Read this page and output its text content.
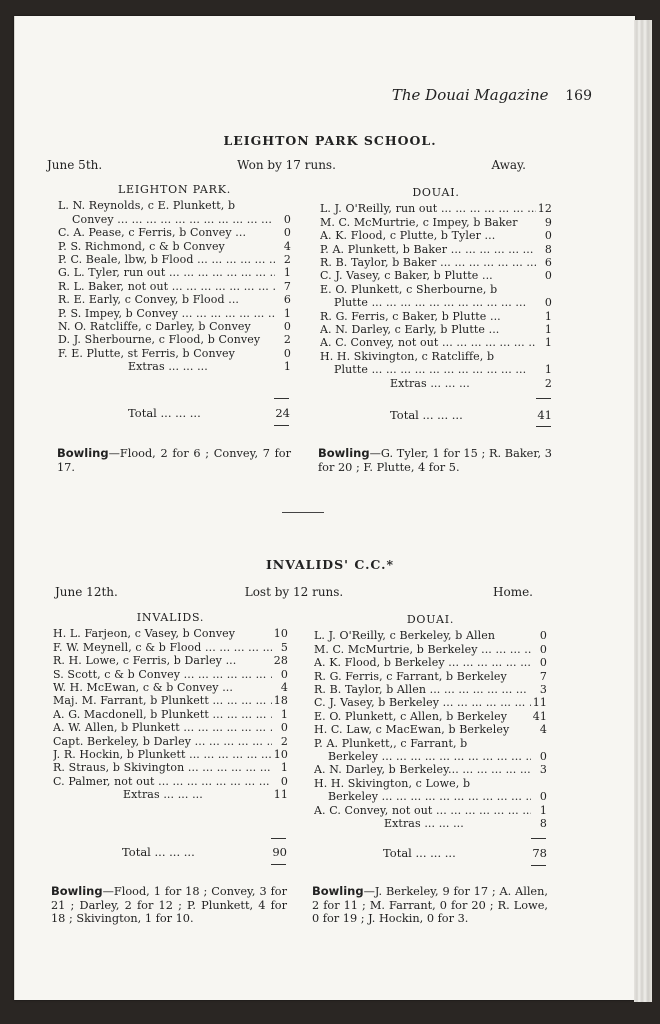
The Douai Magazine 169
LEIGHTON PARK SCHOOL.
June 5th.	Won by 17 runs.	Away.
LEIGHTON PARK.
L. N. Reynolds, c E. Plunkett, b
Convey ... ... .	0
C. A. Pease, c Ferris, b Convey ...	0
P. S. Richmond, c & b Convey	4
P. C. Beale, lbw, b Flood ... .	2
G. L. Tyler, run out ... .	1
R. L. Baker, not out ... .	7
R. E. Early, c Convey, b Flood ...	6
P. S. Impey, b Convey ... .	1
N. O. Ratcliffe, c Darley, b Convey	0
D. J. Sherbourne, c Flood, b Convey	2
F. E. Plutte, st Ferris, b Convey	0
Extras ...	1
DOUAI.
L. J. O'Reilly, run out ... .	12
M. C. McMurtrie, c Impey, b Baker	9
A. K. Flood, c Plutte, b Tyler ...	0
P. A. Plunkett, b Baker ... .	8
R. B. Taylor, b Baker ... .	6
C. J. Vasey, c Baker, b Plutte ...	0
E. O. Plunkett, c Sherbourne, b
Plutte ... .	0
R. G. Ferris, c Baker, b Plutte ...	1
A. N. Darley, c Early, b Plutte ...	1
A. C. Convey, not out ... .	1
H. H. Skivington, c Ratcliffe, b
Plutte ... .	1
Extras ...	2
Total ... ... ...	24	Total ... ... ...	41
Bowling—Flood, 2 for 6 ; Convey, 7 for 17.
Bowling—G. Tyler, 1 for 15 ; R. Baker, 3 for 20 ; F. Plutte, 4 for 5.
INVALIDS' C.C.*
June 12th.	Lost by 12 runs.	Home.
INVALIDS.
H. L. Farjeon, c Vasey, b Convey	10
F. W. Meynell, c & b Flood ... .	5
R. H. Lowe, c Ferris, b Darley ...	28
S. Scott, c & b Convey ... .	0
W. H. McEwan, c & b Convey ...	4
Maj. M. Farrant, b Plunkett ... .	18
A. G. Macdonell, b Plunkett ... .	1
A. W. Allen, b Plunkett ... .	0
Capt. Berkeley, b Darley ... .	2
J. R. Hockin, b Plunkett ... .	10
R. Straus, b Skivington ... .	1
C. Palmer, not out ... .	0
Extras ...	11
DOUAI.
L. J. O'Reilly, c Berkeley, b Allen	0
M. C. McMurtrie, b Berkeley ... .	0
A. K. Flood, b Berkeley ... .	0
R. G. Ferris, c Farrant, b Berkeley	7
R. B. Taylor, b Allen ... .	3
C. J. Vasey, b Berkeley ... .	11
E. O. Plunkett, c Allen, b Berkeley	41
H. C. Law, c MacEwan, b Berkeley	4
P. A. Plunkett,, c Farrant, b
Berkeley ... .	0
A. N. Darley, b Berkeley... ... .	3
H. H. Skivington, c Lowe, b
Berkeley ... .	0
A. C. Convey, not out ... .	1
Extras ...	8
Total ... ... ...	90	Total ... ... ...	78
Bowling—Flood, 1 for 18 ; Convey, 3 for 21 ; Darley, 2 for 12 ; P. Plunkett, 4 for 18 ; Skivington, 1 for 10.
Bowling—J. Berkeley, 9 for 17 ; A. Allen, 2 for 11 ; M. Farrant, 0 for 20 ; R. Lowe, 0 for 19 ; J. Hockin, 0 for 3.
